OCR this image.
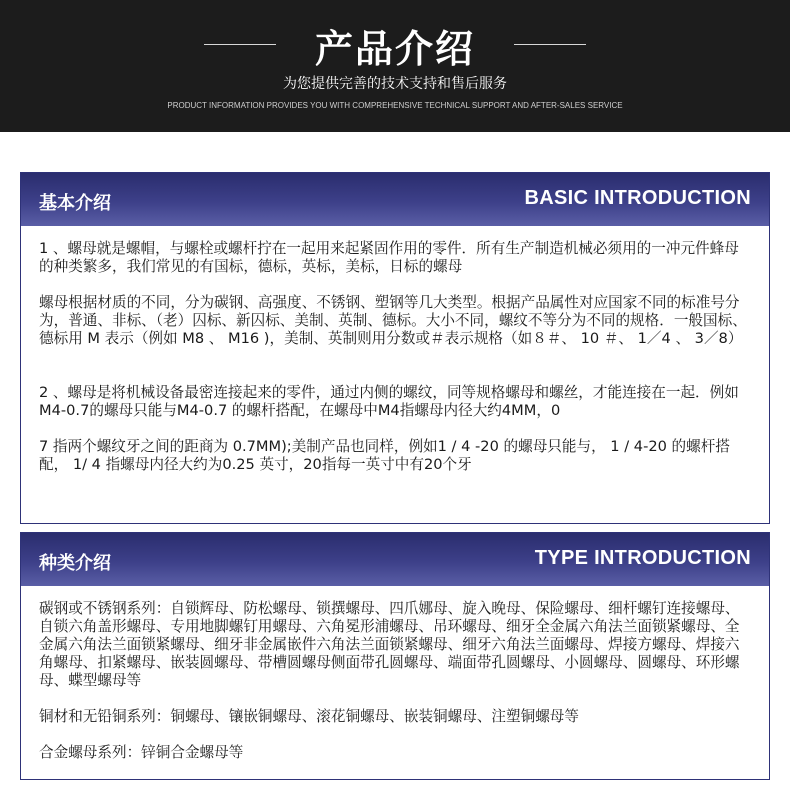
产品介绍
为您提供完善的技术支持和售后服务
PRODUCT INFORMATION PROVIDES YOU WITH COMPREHENSIVE TECHNICAL SUPPORT AND AFTER-SALES SERVICE
基本介绍	BASIC INTRODUCTION

1 、螺母就是螺帽，与螺栓或螺杆拧在一起用来起紧固作用的零件．所有生产制造机械必须用的一冲元件蜂母的种类繁多，我们常见的有国标，德标，英标，美标，日标的螺母

螺母根据材质的不同，分为碳钢、高强度、不锈钢、塑钢等几大类型。根据产品属性对应国家不同的标准号分为，普通、非标、（老）囚标、新囚标、美制、英制、德标。大小不同，螺纹不等分为不同的规格．一般国标、德标用 M 表示（例如 M8 、 M16 )，美制、英制则用分数或＃表示规格（如８＃、 10 ＃、 1／4 、 3／8）

2 、螺母是将机械设备最密连接起来的零件，通过内侧的螺纹，同等规格螺母和螺丝，才能连接在一起．例如 M4-0.7的螺母只能与M4-0.7 的螺杆搭配，在螺母中M4指螺母内径大约4MM，0

7 指两个螺纹牙之间的距商为 0.7MM);美制产品也同样，例如1 / 4 -20 的螺母只能与， 1 / 4-20 的螺杆搭配， 1/ 4 指螺母内径大约为0.25 英寸，20指每一英寸中有20个牙

种类介绍	TYPE INTRODUCTION

碳钢或不锈钢系列：自锁辉母、防松螺母、锁撰螺母、四爪娜母、旋入晚母、保险螺母、细杆螺钉连接螺母、自锁六角盖形螺母、专用地脚螺钉用螺母、六角冕形浦螺母、吊环螺母、细牙全金属六角法兰面锁紧螺母、全金属六角法兰面锁紧螺母、细牙非金属嵌件六角法兰面锁紧螺母、细牙六角法兰面螺母、焊接方螺母、焊接六角螺母、扣紧螺母、嵌装圆螺母、带槽圆螺母侧面带孔圆螺母、端面带孔圆螺母、小圆螺母、圆螺母、环形螺母、蝶型螺母等

铜材和无铅铜系列：铜螺母、镶嵌铜螺母、滚花铜螺母、嵌装铜螺母、注塑铜螺母等

合金螺母系列：锌铜合金螺母等
